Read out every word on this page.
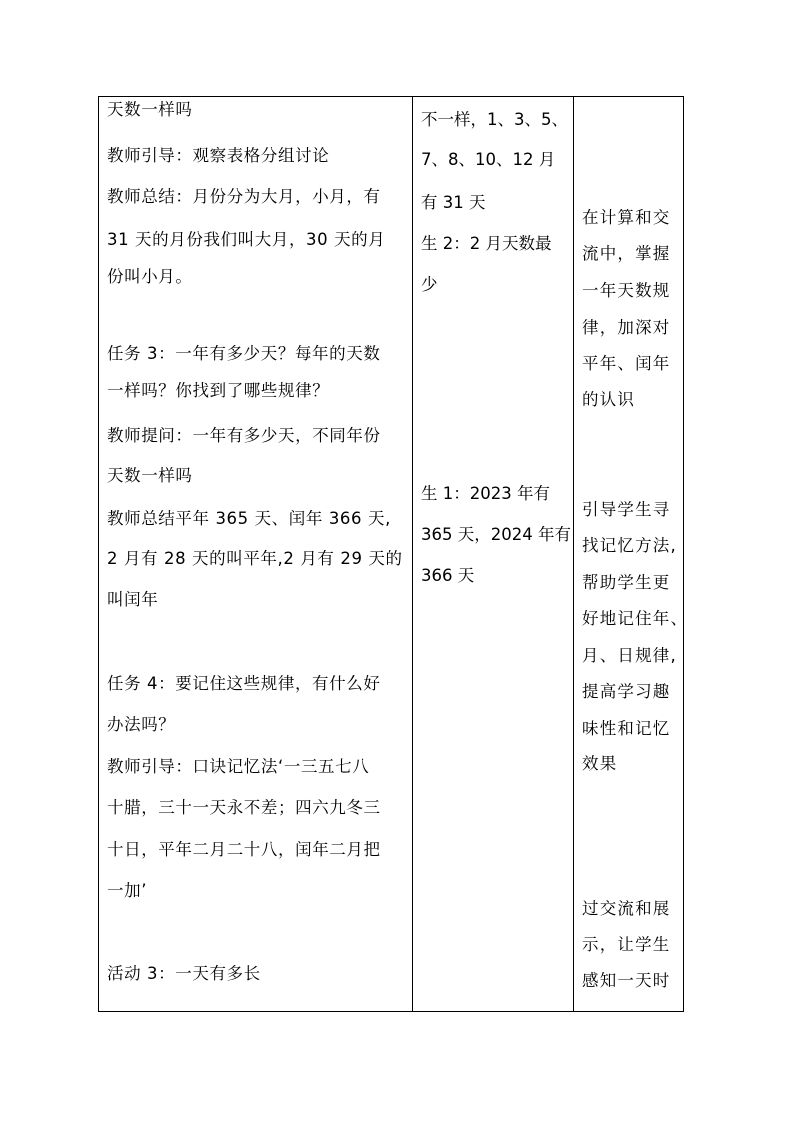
天数一样吗
教师引导：观察表格分组讨论
教师总结：月份分为大月，小月，有
31 天的月份我们叫大月，30 天的月
份叫小月。
任务 3：一年有多少天？每年的天数
一样吗？你找到了哪些规律？
教师提问：一年有多少天，不同年份
天数一样吗
教师总结平年 365 天、闰年 366 天,
2 月有 28 天的叫平年,2 月有 29 天的
叫闰年
任务 4：要记住这些规律，有什么好
办法吗？
教师引导：口诀记忆法‘一三五七八
十腊，三十一天永不差；四六九冬三
十日，平年二月二十八，闰年二月把
一加’
活动 3：一天有多长
不一样，1、3、5、
7、8、10、12 月
有 31 天
生 2：2 月天数最
少
生 1：2023 年有
365 天，2024 年有
366 天
在计算和交
流中，掌握
一年天数规
律，加深对
平年、闰年
的认识
引导学生寻
找记忆方法,
帮助学生更
好地记住年、
月、日规律,
提高学习趣
味性和记忆
效果
过交流和展
示，让学生
感知一天时
